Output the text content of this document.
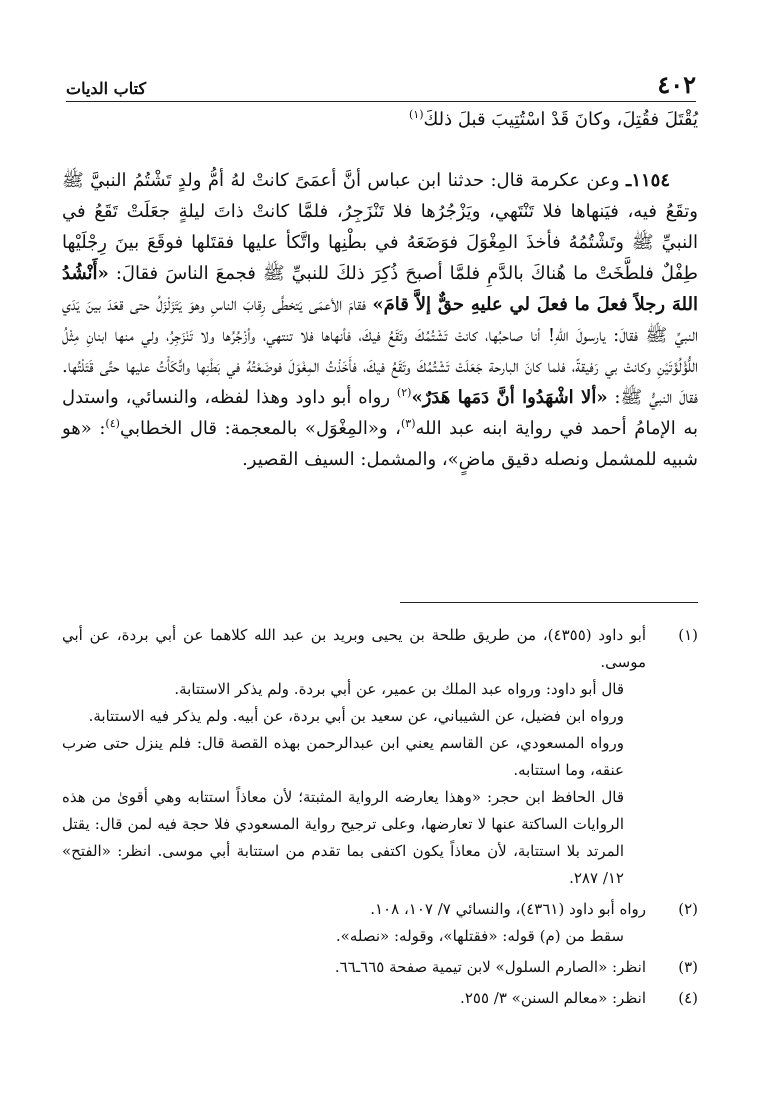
٤٠٢
كتاب الديات

يُقْتَلَ فقُتِلَ، وكانَ قَدْ اسْتُتِيبَ قبلَ ذلكَ$^{(١)}$

١١٥٤ـ وعن عكرمة قال: حدثنا ابن عباس أنَّ أعمَىً كانتْ لهُ أمُّ ولدٍ تَشْتُمُ النبيَّ ﷺ وتقَعُ فيه، فيَنهاها فلا تَنْتَهي، ويَزْجُرُها فلا تَنْزَجِرُ، فلمَّا كانتْ ذاتَ ليلةٍ جعَلَتْ تَقَعُ في النبيِّ ﷺ وتَشْتُمُهُ فأخذَ المِغْوَلَ فوَضَعَهُ في بطْنِها واتَّكأ عليها فقتَلها فوقَعَ بينَ رِجْلَيْها طِفْلٌ فلطَّخَتْ ما هُناكَ بالدَّمِ فلمَّا أصبحَ ذُكِرَ ذلكَ للنبيِّ ﷺ فجمعَ الناسَ فقالَ: «أَنْشُدُ اللهَ رجلاً فعلَ ما فعلَ لي عليهِ حقٌّ إلاَّ قامَ» فقامَ الأعمَى يَتخطَّى رِقابَ الناسِ وهوَ يَتَزَلْزَلُ حتى قعَدَ بينَ يَدَي النبيِّ ﷺ فقالَ: يارسولَ اللهِ! أنا صاحبُها، كانتْ تَشْتُمُكَ وتَقَعُ فيكَ، فأنهاها فلا تنتهي، وأزْجُرُها ولا تَنْزَجِرُ، ولي منها ابنانِ مِثْلُ اللُّؤْلُؤَتَيْنِ وكانتْ بي رَفيقةً، فلما كانَ البارحة جَعَلَتْ تَشْتُمُكَ وتَقَعُ فيكَ، فأَخَذْتُ المِغْوَلَ فوضَعْتُهُ في بَطْنِها واتَّكَأْتُ عليها حتَّى قَتَلْتُها. فقالَ النبيُّ ﷺ: «ألا اشْهَدُوا أنَّ دَمَها هَدَرٌ»$^{(٢)}$ رواه أبو داود وهذا لفظه، والنسائي، واستدل به الإمامُ أحمد في رواية ابنه عبد الله$^{(٣)}$، و«المِغْوَل» بالمعجمة: قال الخطابي$^{(٤)}$: «هو شبيه للمشمل ونصله دقيق ماضٍ»، والمشمل: السيف القصير.

(١)

أبو داود (٤٣٥٥)، من طريق طلحة بن يحيى وبريد بن عبد الله كلاهما عن أبي بردة، عن أبي موسى.

قال أبو داود: ورواه عبد الملك بن عمير، عن أبي بردة. ولم يذكر الاستتابة.

ورواه ابن فضيل، عن الشيباني، عن سعيد بن أبي بردة، عن أبيه. ولم يذكر فيه الاستتابة.

ورواه المسعودي، عن القاسم يعني ابن عبدالرحمن بهذه القصة قال: فلم ينزل حتى ضرب عنقه، وما استتابه.

قال الحافظ ابن حجر: «وهذا يعارضه الرواية المثبتة؛ لأن معاذاً استتابه وهي أقوىٰ من هذه الروايات الساكتة عنها لا تعارضها، وعلى ترجيح رواية المسعودي فلا حجة فيه لمن قال: يقتل المرتد بلا استتابة، لأن معاذاً يكون اكتفى بما تقدم من استتابة أبي موسى. انظر: «الفتح» ١٢/ ٢٨٧.

(٢)

رواه أبو داود (٤٣٦١)، والنسائي ٧/ ١٠٧، ١٠٨.

سقط من (م) قوله: «فقتلها»، وقوله: «نصله».

(٣)

انظر: «الصارم السلول» لابن تيمية صفحة ٦٦٥ـ٦٦.

(٤)

انظر: «معالم السنن» ٣/ ٢٥٥.
